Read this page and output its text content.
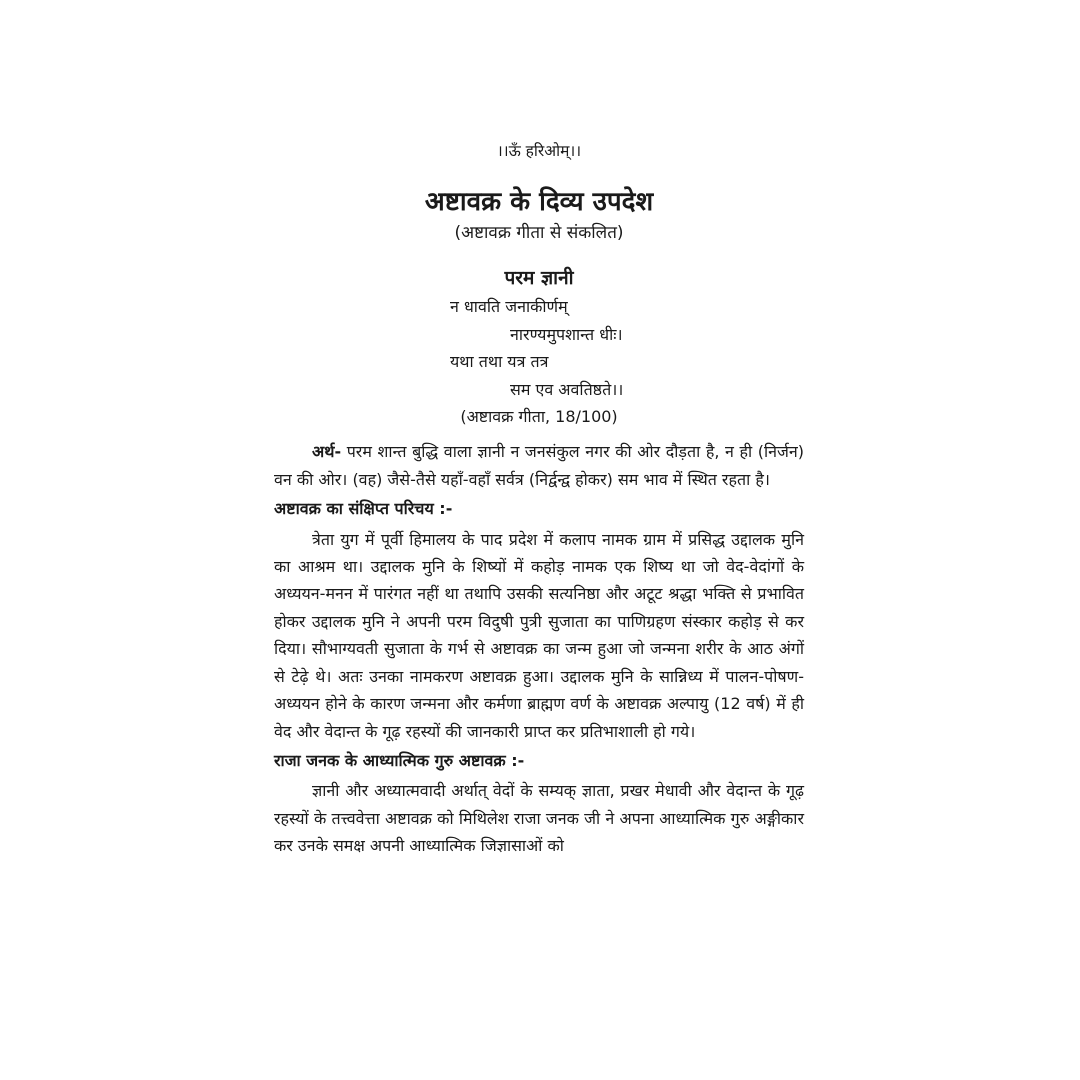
।।ऊँ हरिओम्।।
अष्टावक्र के दिव्य उपदेश
(अष्टावक्र गीता से संकलित)
परम ज्ञानी
न धावति जनाकीर्णम्
नारण्यमुपशान्त धीः।
यथा तथा यत्र तत्र
सम एव अवतिष्ठते।।
(अष्टावक्र गीता, 18/100)

अर्थ- परम शान्त बुद्धि वाला ज्ञानी न जनसंकुल नगर की ओर दौड़ता है, न ही (निर्जन) वन की ओर। (वह) जैसे-तैसे यहाँ-वहाँ सर्वत्र (निर्द्वन्द्व होकर) सम भाव में स्थित रहता है।

अष्टावक्र का संक्षिप्त परिचय :-

त्रेता युग में पूर्वी हिमालय के पाद प्रदेश में कलाप नामक ग्राम में प्रसिद्ध उद्दालक मुनि का आश्रम था। उद्दालक मुनि के शिष्यों में कहोड़ नामक एक शिष्य था जो वेद-वेदांगों के अध्ययन-मनन में पारंगत नहीं था तथापि उसकी सत्यनिष्ठा और अटूट श्रद्धा भक्ति से प्रभावित होकर उद्दालक मुनि ने अपनी परम विदुषी पुत्री सुजाता का पाणिग्रहण संस्कार कहोड़ से कर दिया। सौभाग्यवती सुजाता के गर्भ से अष्टावक्र का जन्म हुआ जो जन्मना शरीर के आठ अंगों से टेढ़े थे। अतः उनका नामकरण अष्टावक्र हुआ। उद्दालक मुनि के सान्निध्य में पालन-पोषण-अध्ययन होने के कारण जन्मना और कर्मणा ब्राह्मण वर्ण के अष्टावक्र अल्पायु (12 वर्ष) में ही वेद और वेदान्त के गूढ़ रहस्यों की जानकारी प्राप्त कर प्रतिभाशाली हो गये।

राजा जनक के आध्यात्मिक गुरु अष्टावक्र :-

ज्ञानी और अध्यात्मवादी अर्थात् वेदों के सम्यक् ज्ञाता, प्रखर मेधावी और वेदान्त के गूढ़ रहस्यों के तत्त्ववेत्ता अष्टावक्र को मिथिलेश राजा जनक जी ने अपना आध्यात्मिक गुरु अङ्गीकार कर उनके समक्ष अपनी आध्यात्मिक जिज्ञासाओं को
